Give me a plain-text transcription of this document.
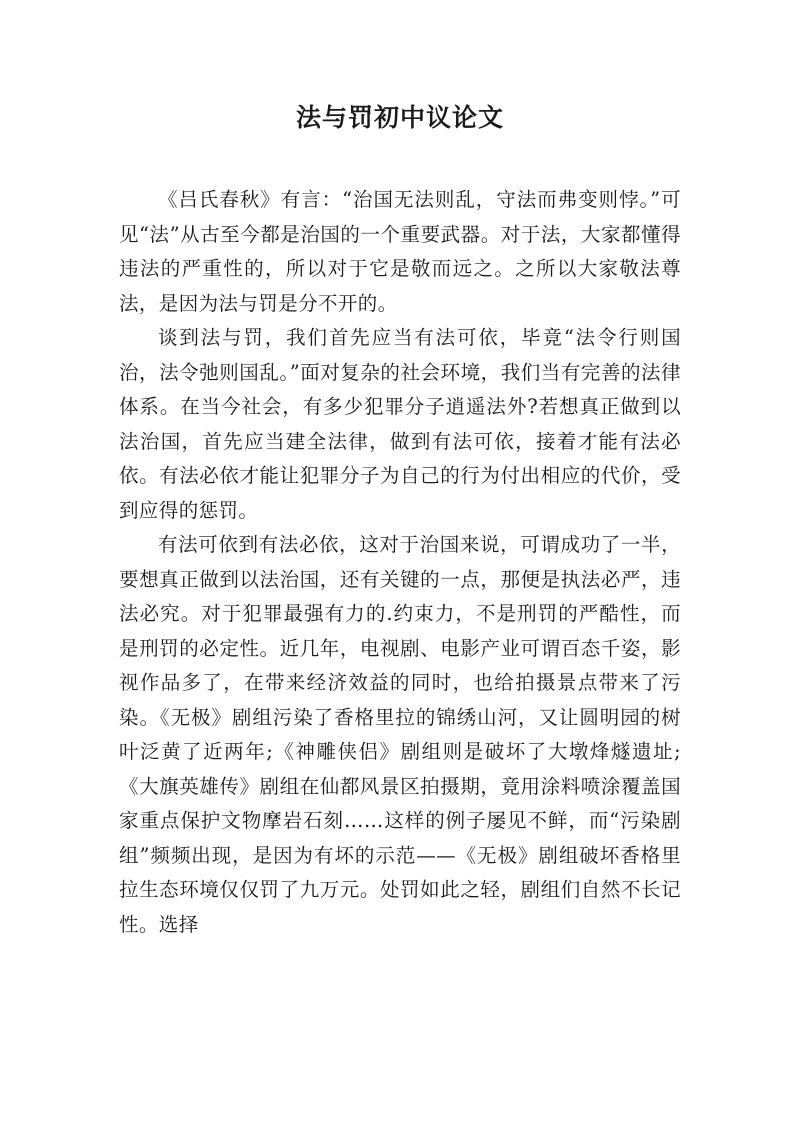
法与罚初中议论文

《吕氏春秋》有言：“治国无法则乱，守法而弗变则悖。”可见“法”从古至今都是治国的一个重要武器。对于法，大家都懂得违法的严重性的，所以对于它是敬而远之。之所以大家敬法尊法，是因为法与罚是分不开的。

谈到法与罚，我们首先应当有法可依，毕竟“法令行则国治，法令弛则国乱。”面对复杂的社会环境，我们当有完善的法律体系。在当今社会，有多少犯罪分子逍遥法外?若想真正做到以法治国，首先应当建全法律，做到有法可依，接着才能有法必依。有法必依才能让犯罪分子为自己的行为付出相应的代价，受到应得的惩罚。

有法可依到有法必依，这对于治国来说，可谓成功了一半，要想真正做到以法治国，还有关键的一点，那便是执法必严，违法必究。对于犯罪最强有力的.约束力，不是刑罚的严酷性，而是刑罚的必定性。近几年，电视剧、电影产业可谓百态千姿，影视作品多了，在带来经济效益的同时，也给拍摄景点带来了污染。《无极》剧组污染了香格里拉的锦绣山河，又让圆明园的树叶泛黄了近两年;《神雕侠侣》剧组则是破坏了大墩烽燧遗址;《大旗英雄传》剧组在仙都风景区拍摄期，竟用涂料喷涂覆盖国家重点保护文物摩岩石刻……这样的例子屡见不鲜，而“污染剧组”频频出现，是因为有坏的示范——《无极》剧组破坏香格里拉生态环境仅仅罚了九万元。处罚如此之轻，剧组们自然不长记性。选择
